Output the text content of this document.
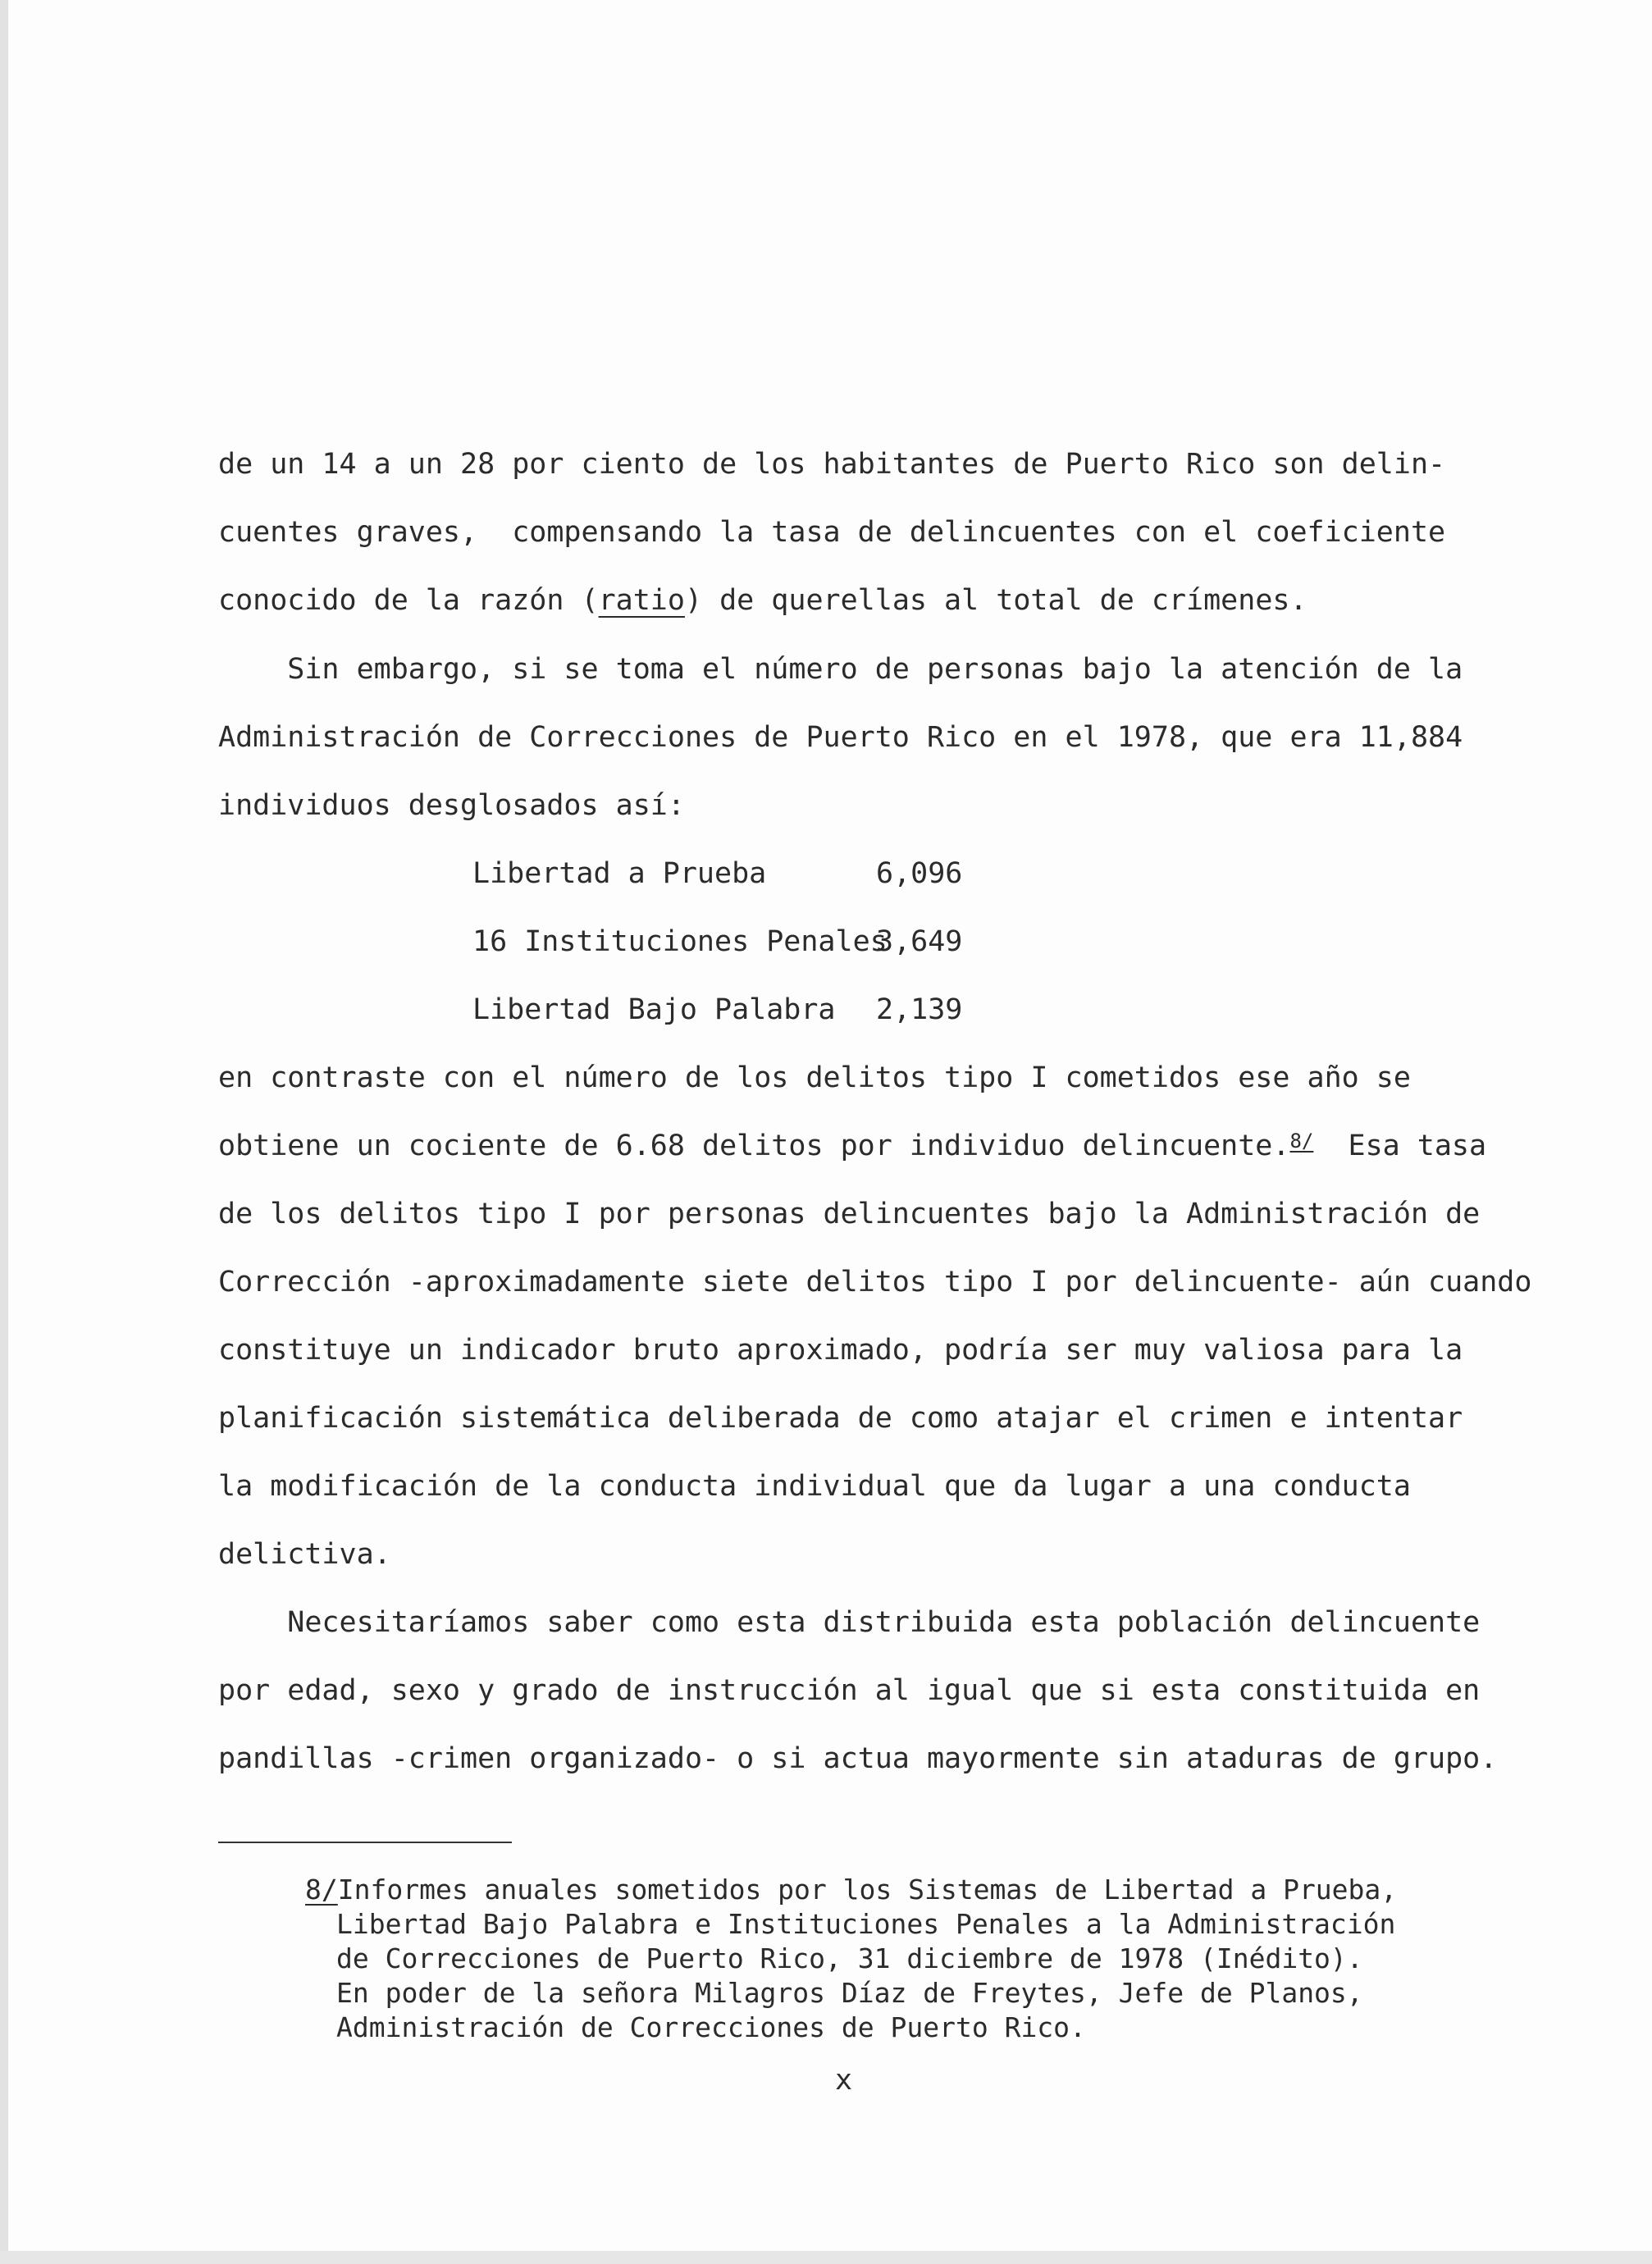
de un 14 a un 28 por ciento de los habitantes de Puerto Rico son delin-
cuentes graves,  compensando la tasa de delincuentes con el coeficiente
conocido de la razón (ratio) de querellas al total de crímenes.
Sin embargo, si se toma el número de personas bajo la atención de la
Administración de Correcciones de Puerto Rico en el 1978, que era 11,884
individuos desglosados así:
Libertad a Prueba	6,096
16 Instituciones Penales
3,649
Libertad Bajo Palabra 2,139
en contraste con el número de los delitos tipo I cometidos ese año se
obtiene un cociente de 6.68 delitos por individuo delincuente.$^{8/}$  Esa tasa
de los delitos tipo I por personas delincuentes bajo la Administración de
Corrección -aproximadamente siete delitos tipo I por delincuente- aún cuando
constituye un indicador bruto aproximado, podría ser muy valiosa para la
planificación sistemática deliberada de como atajar el crimen e intentar
la modificación de la conducta individual que da lugar a una conducta
delictiva.
Necesitaríamos saber como esta distribuida esta población delincuente
por edad, sexo y grado de instrucción al igual que si esta constituida en
pandillas -crimen organizado- o si actua mayormente sin ataduras de grupo.
8/Informes anuales sometidos por los Sistemas de Libertad a Prueba,
Libertad Bajo Palabra e Instituciones Penales a la Administración
de Correcciones de Puerto Rico, 31 diciembre de 1978 (Inédito).
En poder de la señora Milagros Díaz de Freytes, Jefe de Planos,
Administración de Correcciones de Puerto Rico.
x
